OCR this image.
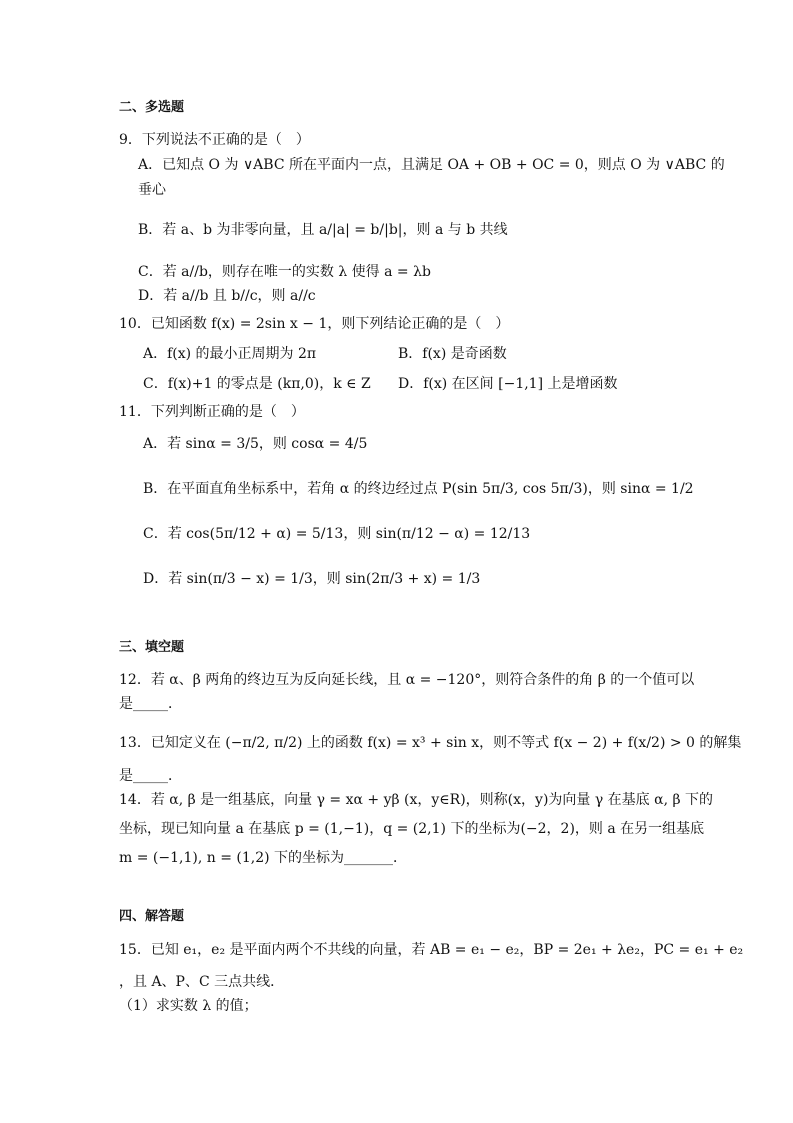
二、多选题
9．下列说法不正确的是（　）
A．已知点 O 为 ∨ABC 所在平面内一点，且满足 OA + OB + OC = 0，则点 O 为 ∨ABC 的
垂心
B．若 a、b 为非零向量，且 a/|a| = b/|b|，则 a 与 b 共线
C．若 a//b，则存在唯一的实数 λ 使得 a = λb
D．若 a//b 且 b//c，则 a//c
10．已知函数 f(x) = 2sin x − 1，则下列结论正确的是（　）
A．f(x) 的最小正周期为 2π	B．f(x) 是奇函数
C．f(x)+1 的零点是 (kπ,0)，k ∈ Z D．f(x) 在区间 [−1,1] 上是增函数
11．下列判断正确的是（　）
A．若 sinα = 3/5，则 cosα = 4/5
B．在平面直角坐标系中，若角 α 的终边经过点 P(sin 5π/3, cos 5π/3)，则 sinα = 1/2
C．若 cos(5π/12 + α) = 5/13，则 sin(π/12 − α) = 12/13
D．若 sin(π/3 − x) = 1/3，则 sin(2π/3 + x) = 1/3
三、填空题
12．若 α、β 两角的终边互为反向延长线，且 α = −120°，则符合条件的角 β 的一个值可以
是_____．
13．已知定义在 (−π/2, π/2) 上的函数 f(x) = x³ + sin x，则不等式 f(x − 2) + f(x/2) > 0 的解集
是_____．
14．若 α, β 是一组基底，向量 γ = xα + yβ (x，y∈R)，则称(x，y)为向量 γ 在基底 α, β 下的
坐标，现已知向量 a 在基底 p = (1,−1)，q = (2,1) 下的坐标为(−2，2)，则 a 在另一组基底
m = (−1,1), n = (1,2) 下的坐标为_______．
四、解答题
15．已知 e₁，e₂ 是平面内两个不共线的向量，若 AB = e₁ − e₂，BP = 2e₁ + λe₂，PC = e₁ + e₂
，且 A、P、C 三点共线．
（1）求实数 λ 的值；
